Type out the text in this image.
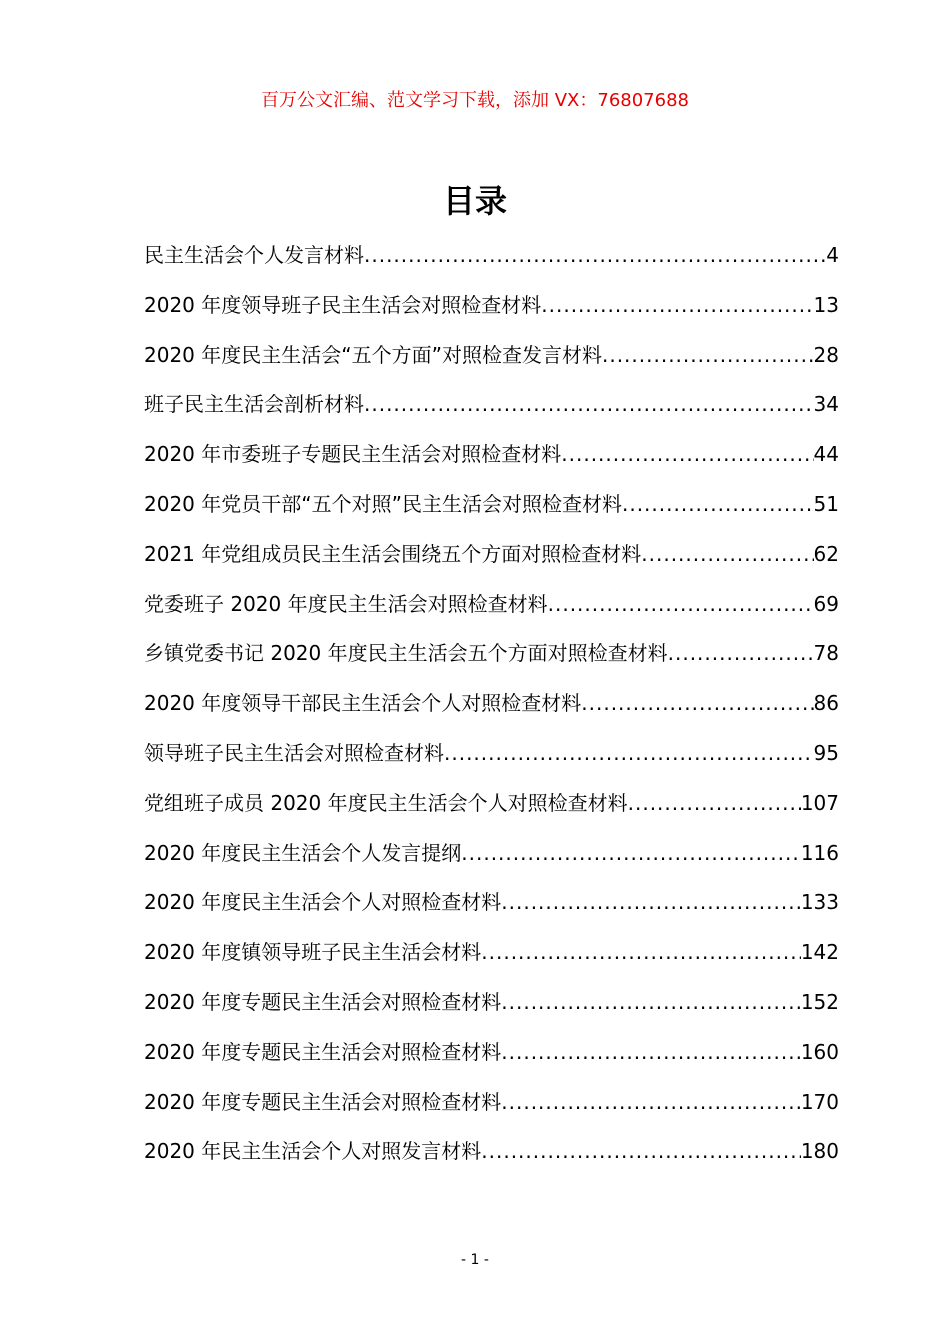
百万公文汇编、范文学习下载，添加 VX：76807688
目录
民主生活会个人发言材料 .....	4
2020 年度领导班子民主生活会对照检查材料 .....	13
2020 年度民主生活会“五个方面”对照检查发言材料 .....	28
班子民主生活会剖析材料 .....	34
2020 年市委班子专题民主生活会对照检查材料 .....	44
2020 年党员干部“五个对照”民主生活会对照检查材料 .....	51
2021 年党组成员民主生活会围绕五个方面对照检查材料 .....	62
党委班子 2020 年度民主生活会对照检查材料 .....	69
乡镇党委书记 2020 年度民主生活会五个方面对照检查材料 .....	78
2020 年度领导干部民主生活会个人对照检查材料 .....	86
领导班子民主生活会对照检查材料 .....	95
党组班子成员 2020 年度民主生活会个人对照检查材料 .....	107
2020 年度民主生活会个人发言提纲 .....	116
2020 年度民主生活会个人对照检查材料 .....	133
2020 年度镇领导班子民主生活会材料 .....	142
2020 年度专题民主生活会对照检查材料 .....	152
2020 年度专题民主生活会对照检查材料 .....	160
2020 年度专题民主生活会对照检查材料 .....	170
2020 年民主生活会个人对照发言材料 .....	180
- 1 -
